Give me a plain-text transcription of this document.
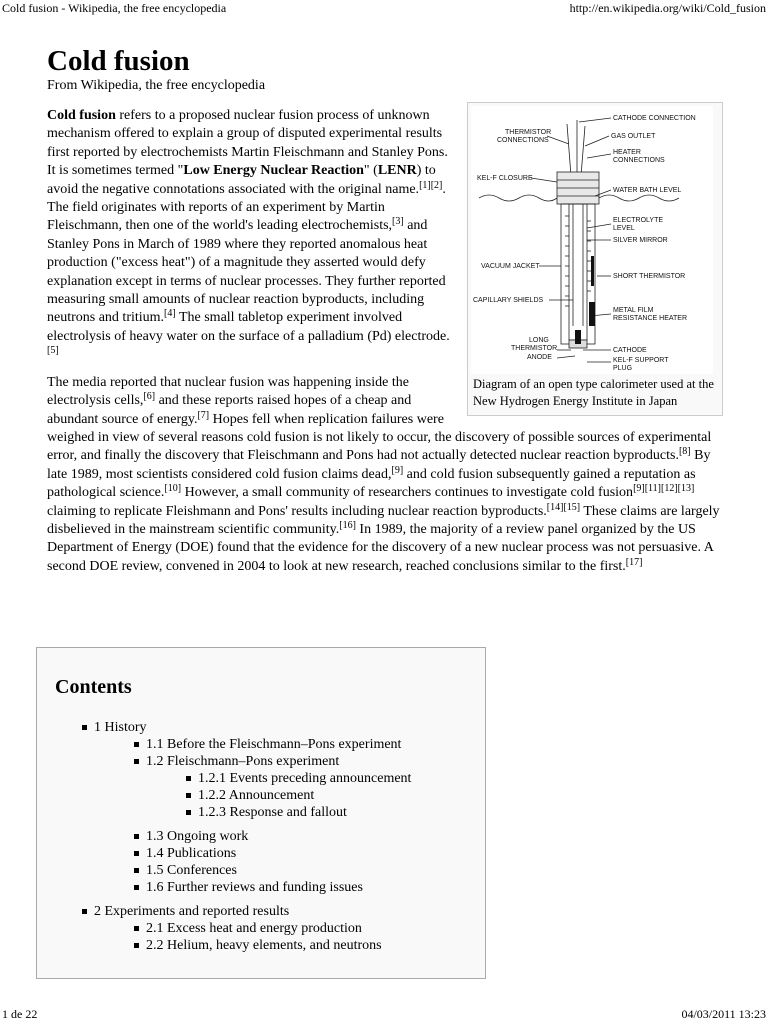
Cold fusion - Wikipedia, the free encyclopedia	http://en.wikipedia.org/wiki/Cold_fusion
Cold fusion
From Wikipedia, the free encyclopedia
CATHODE CONNECTION
THERMISTOR
CONNECTIONS
GAS OUTLET
HEATER
CONNECTIONS
KEL-F CLOSURE
WATER BATH LEVEL
ELECTROLYTE
LEVEL
SILVER MIRROR
VACUUM JACKET
SHORT THERMISTOR
CAPILLARY SHIELDS
METAL FILM
RESISTANCE HEATER
LONG
THERMISTOR
ANODE
CATHODE
KEL-F SUPPORT
PLUG
Diagram of an open type calorimeter used at the New Hydrogen Energy Institute in Japan

Cold fusion refers to a proposed nuclear fusion process of unknown mechanism offered to explain a group of disputed experimental results first reported by electrochemists Martin Fleischmann and Stanley Pons. It is sometimes termed "Low Energy Nuclear Reaction" (LENR) to avoid the negative connotations associated with the original name.[1][2]. The field originates with reports of an experiment by Martin Fleischmann, then one of the world's leading electrochemists,[3] and Stanley Pons in March of 1989 where they reported anomalous heat production ("excess heat") of a magnitude they asserted would defy explanation except in terms of nuclear processes. They further reported measuring small amounts of nuclear reaction byproducts, including neutrons and tritium.[4] The small tabletop experiment involved electrolysis of heavy water on the surface of a palladium (Pd) electrode.[5]

The media reported that nuclear fusion was happening inside the electrolysis cells,[6] and these reports raised hopes of a cheap and abundant source of energy.[7] Hopes fell when replication failures were weighed in view of several reasons cold fusion is not likely to occur, the discovery of possible sources of experimental error, and finally the discovery that Fleischmann and Pons had not actually detected nuclear reaction byproducts.[8] By late 1989, most scientists considered cold fusion claims dead,[9] and cold fusion subsequently gained a reputation as pathological science.[10] However, a small community of researchers continues to investigate cold fusion[9][11][12][13] claiming to replicate Fleishmann and Pons' results including nuclear reaction byproducts.[14][15] These claims are largely disbelieved in the mainstream scientific community.[16] In 1989, the majority of a review panel organized by the US Department of Energy (DOE) found that the evidence for the discovery of a new nuclear process was not persuasive. A second DOE review, convened in 2004 to look at new research, reached conclusions similar to the first.[17]

Contents
1 History
1.1 Before the Fleischmann–Pons experiment
1.2 Fleischmann–Pons experiment
1.2.1 Events preceding announcement
1.2.2 Announcement
1.2.3 Response and fallout
1.3 Ongoing work
1.4 Publications
1.5 Conferences
1.6 Further reviews and funding issues
2 Experiments and reported results
2.1 Excess heat and energy production
2.2 Helium, heavy elements, and neutrons
1 de 22	04/03/2011 13:23
